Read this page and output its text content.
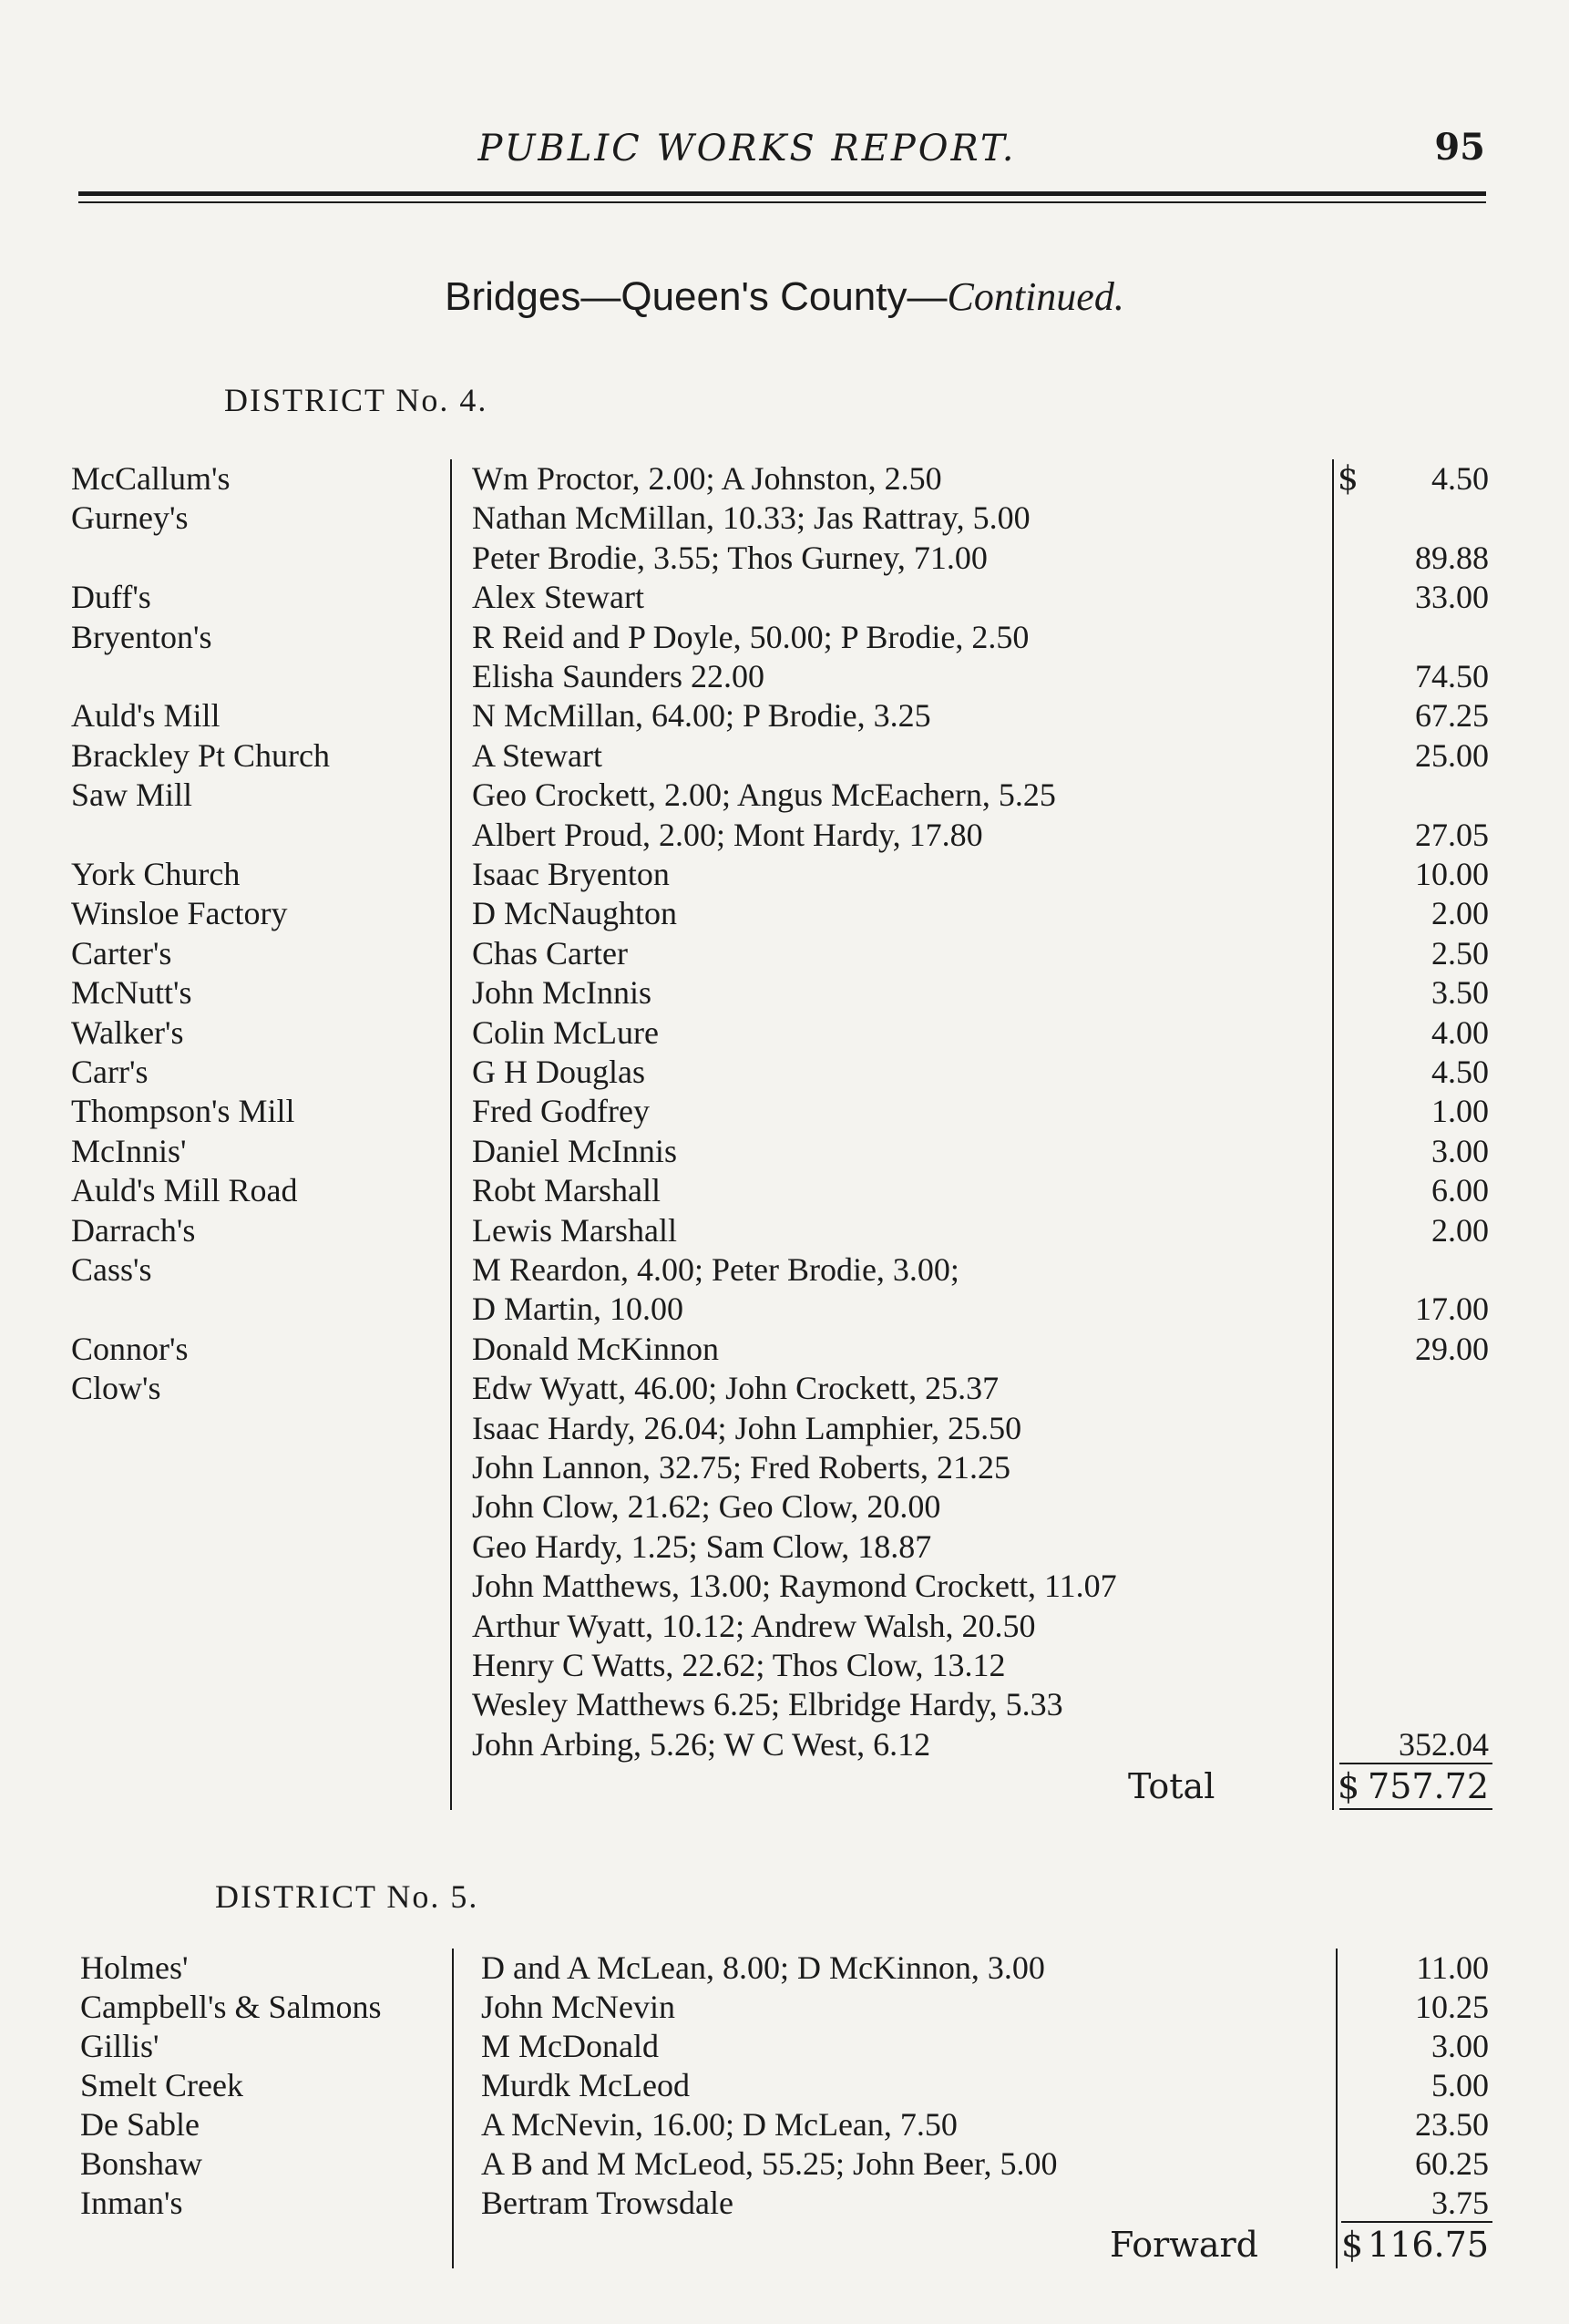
PUBLIC WORKS REPORT.	95
Bridges—Queen's County—Continued.
DISTRICT No. 4.
McCallum's	Wm Proctor, 2.00; A Johnston, 2.50	4.50
Gurney's	Nathan McMillan, 10.33; Jas Rattray, 5.00
Peter Brodie, 3.55; Thos Gurney, 71.00	89.88
Duff's	Alex Stewart	33.00
Bryenton's	R Reid and P Doyle, 50.00; P Brodie, 2.50
Elisha Saunders 22.00	74.50
Auld's Mill	N McMillan, 64.00; P Brodie, 3.25	67.25
Brackley Pt Church	A Stewart	25.00
Saw Mill	Geo Crockett, 2.00; Angus McEachern, 5.25
Albert Proud, 2.00; Mont Hardy, 17.80	27.05
York Church	Isaac Bryenton	10.00
Winsloe Factory	D McNaughton	2.00
Carter's	Chas Carter	2.50
McNutt's	John McInnis	3.50
Walker's	Colin McLure	4.00
Carr's	G H Douglas	4.50
Thompson's Mill	Fred Godfrey	1.00
McInnis'	Daniel McInnis	3.00
Auld's Mill Road	Robt Marshall	6.00
Darrach's	Lewis Marshall	2.00
Cass's	M Reardon, 4.00; Peter Brodie, 3.00;
D Martin, 10.00	17.00
Connor's	Donald McKinnon	29.00
Clow's	Edw Wyatt, 46.00; John Crockett, 25.37
Isaac Hardy, 26.04; John Lamphier, 25.50
John Lannon, 32.75; Fred Roberts, 21.25
John Clow, 21.62; Geo Clow, 20.00
Geo Hardy, 1.25; Sam Clow, 18.87
John Matthews, 13.00; Raymond Crockett, 11.07
Arthur Wyatt, 10.12; Andrew Walsh, 20.50
Henry C Watts, 22.62; Thos Clow, 13.12
Wesley Matthews 6.25; Elbridge Hardy, 5.33
John Arbing, 5.26; W C West, 6.12	352.04
$
Total	$ 757.72
DISTRICT No. 5.
Holmes'	D and A McLean, 8.00; D McKinnon, 3.00	11.00
Campbell's & Salmons	John McNevin	10.25
Gillis'	M McDonald	3.00
Smelt Creek	Murdk McLeod	5.00
De Sable	A McNevin, 16.00; D McLean, 7.50	23.50
Bonshaw	A B and M McLeod, 55.25; John Beer, 5.00	60.25
Inman's	Bertram Trowsdale	3.75
Forward $ 116.75
